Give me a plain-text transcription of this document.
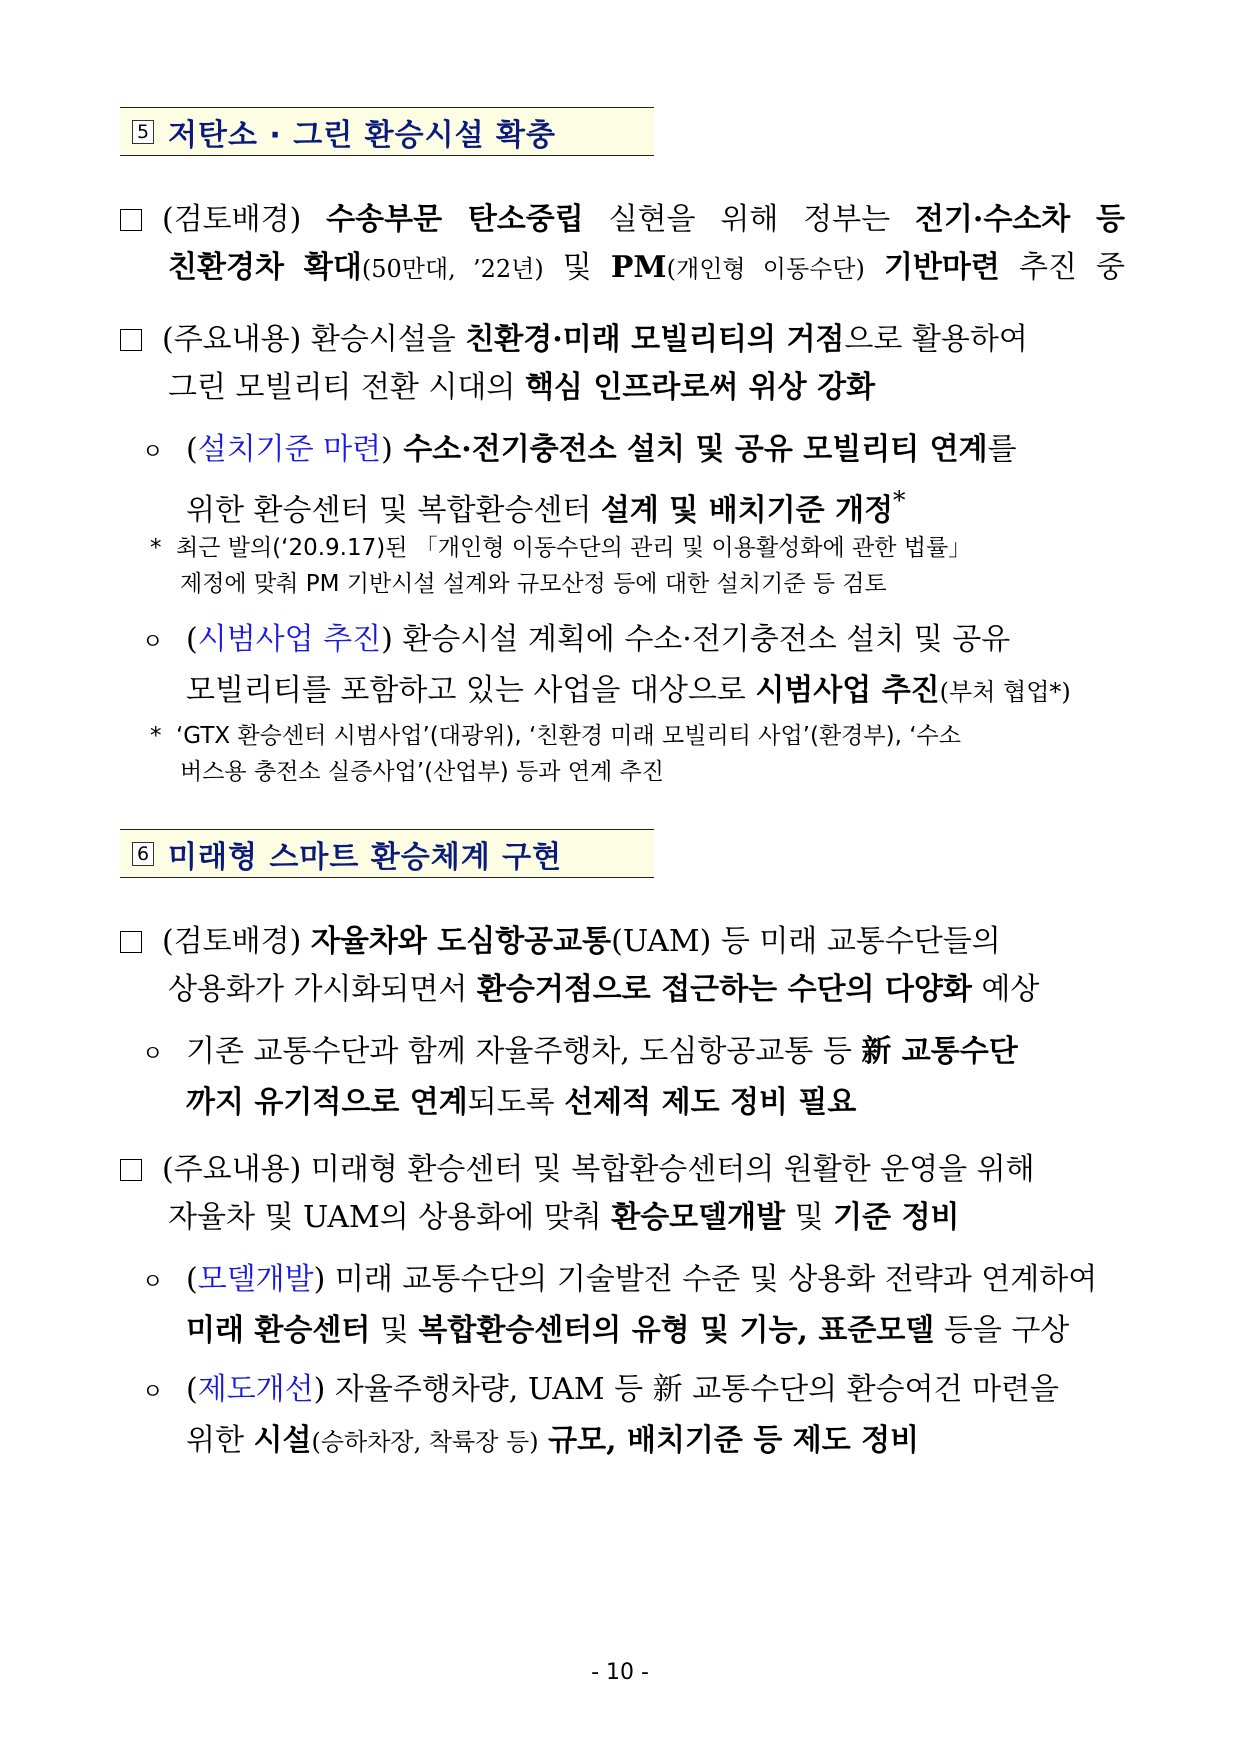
5 저탄소 · 그린 환승시설 확충

(검토배경) 수송부문 탄소중립 실현을 위해 정부는 전기·수소차 등
친환경차 확대(50만대, ’22년) 및 PM(개인형 이동수단) 기반마련 추진 중

(주요내용) 환승시설을 친환경·미래 모빌리티의 거점으로 활용하여
그린 모빌리티 전환 시대의 핵심 인프라로써 위상 강화

ㅇ (설치기준 마련) 수소·전기충전소 설치 및 공유 모빌리티 연계를
위한 환승센터 및 복합환승센터 설계 및 배치기준 개정*

* 최근 발의(‘20.9.17)된 「개인형 이동수단의 관리 및 이용활성화에 관한 법률」
제정에 맞춰 PM 기반시설 설계와 규모산정 등에 대한 설치기준 등 검토

ㅇ (시범사업 추진) 환승시설 계획에 수소·전기충전소 설치 및 공유
모빌리티를 포함하고 있는 사업을 대상으로 시범사업 추진(부처 협업*)

* ‘GTX 환승센터 시범사업’(대광위), ‘친환경 미래 모빌리티 사업’(환경부), ‘수소
버스용 충전소 실증사업’(산업부) 등과 연계 추진

6 미래형 스마트 환승체계 구현

(검토배경) 자율차와 도심항공교통(UAM) 등 미래 교통수단들의
상용화가 가시화되면서 환승거점으로 접근하는 수단의 다양화 예상

ㅇ 기존 교통수단과 함께 자율주행차, 도심항공교통 등 新 교통수단
까지 유기적으로 연계되도록 선제적 제도 정비 필요

(주요내용) 미래형 환승센터 및 복합환승센터의 원활한 운영을 위해
자율차 및 UAM의 상용화에 맞춰 환승모델개발 및 기준 정비

ㅇ (모델개발) 미래 교통수단의 기술발전 수준 및 상용화 전략과 연계하여
미래 환승센터 및 복합환승센터의 유형 및 기능, 표준모델 등을 구상

ㅇ (제도개선) 자율주행차량, UAM 등 新 교통수단의 환승여건 마련을
위한 시설(승하차장, 착륙장 등) 규모, 배치기준 등 제도 정비

- 10 -
